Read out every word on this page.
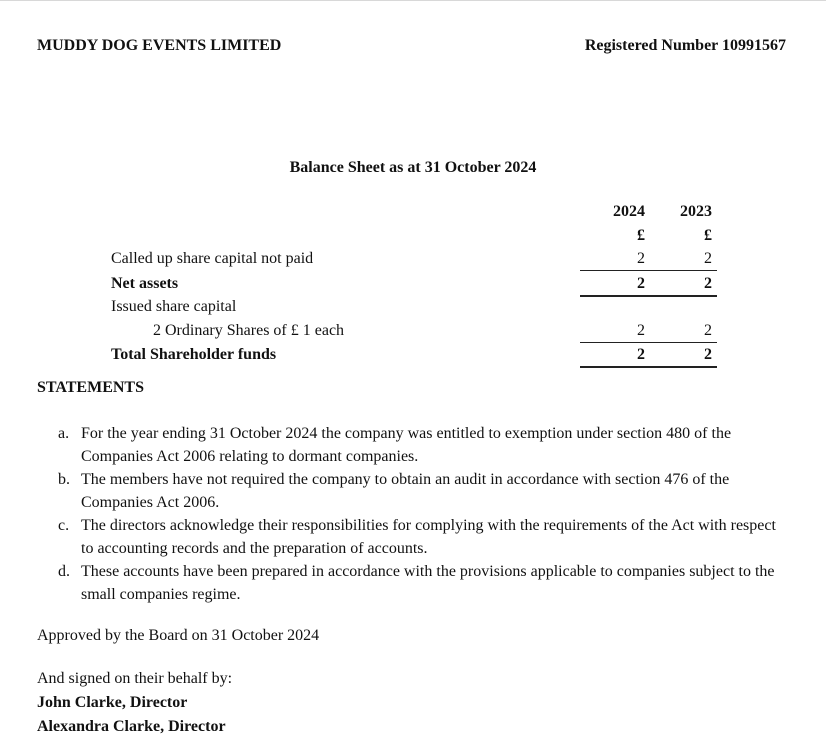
MUDDY DOG EVENTS LIMITED	Registered Number 10991567
Balance Sheet as at 31 October 2024
2024	2023
£	£
Called up share capital not paid	2	2
Net assets	2	2
Issued share capital
2 Ordinary Shares of £ 1 each	2	2
Total Shareholder funds	2	2
STATEMENTS
a. For the year ending 31 October 2024 the company was entitled to exemption under section 480 of the Companies Act 2006 relating to dormant companies.
b. The members have not required the company to obtain an audit in accordance with section 476 of the Companies Act 2006.
c. The directors acknowledge their responsibilities for complying with the requirements of the Act with respect to accounting records and the preparation of accounts.
d. These accounts have been prepared in accordance with the provisions applicable to companies subject to the small companies regime.
Approved by the Board on 31 October 2024
And signed on their behalf by:
John Clarke, Director
Alexandra Clarke, Director
